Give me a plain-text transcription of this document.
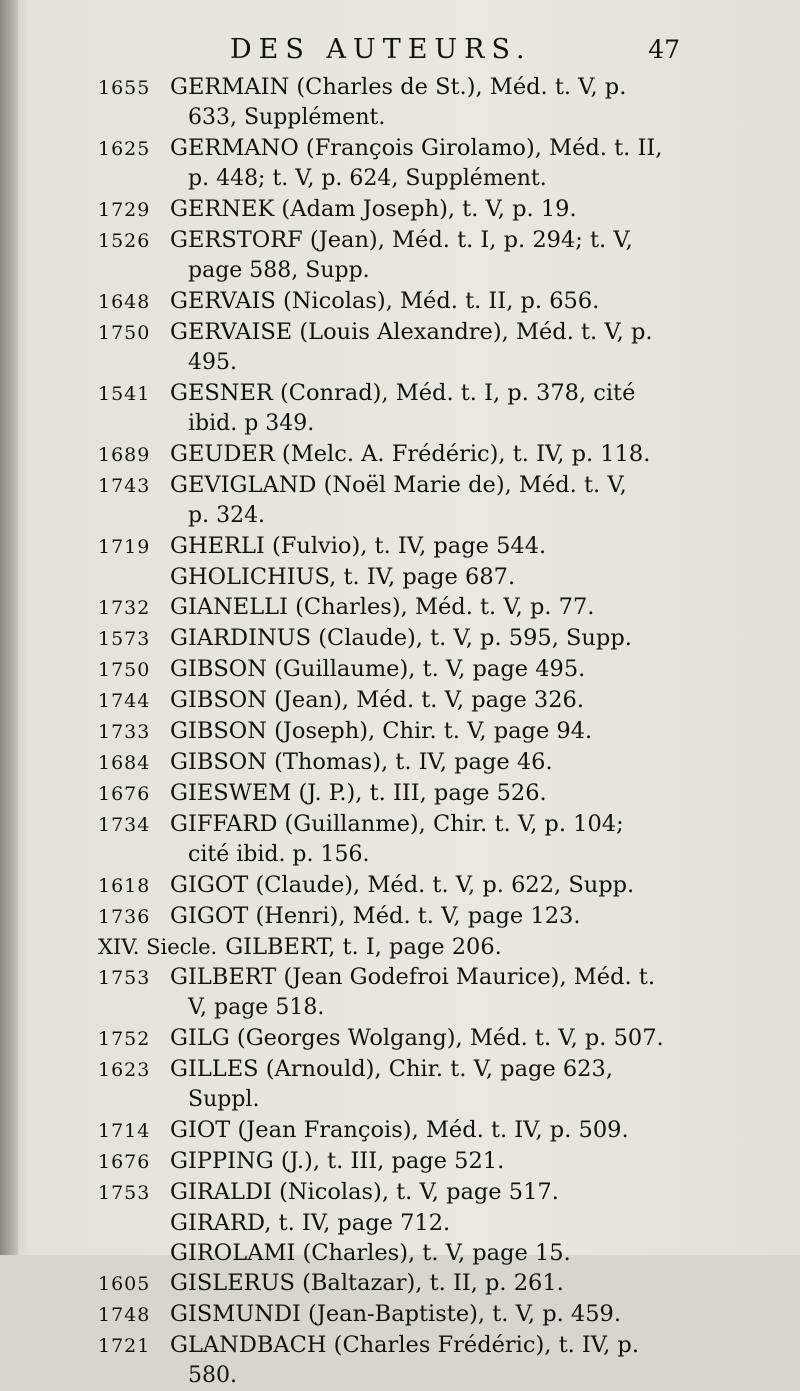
DES AUTEURS.	47
1655 GERMAIN (Charles de St.), Méd. t. V, p.
633, Supplément.
1625 GERMANO (François Girolamo), Méd. t. II,
p. 448; t. V, p. 624, Supplément.
1729 GERNEK (Adam Joseph), t. V, p. 19.
1526 GERSTORF (Jean), Méd. t. I, p. 294; t. V,
page 588, Supp.
1648 GERVAIS (Nicolas), Méd. t. II, p. 656.
1750 GERVAISE (Louis Alexandre), Méd. t. V, p.
495.
1541 GESNER (Conrad), Méd. t. I, p. 378, cité
ibid. p 349.
1689 GEUDER (Melc. A. Frédéric), t. IV, p. 118.
1743 GEVIGLAND (Noël Marie de), Méd. t. V,
p. 324.
1719 GHERLI (Fulvio), t. IV, page 544.
GHOLICHIUS, t. IV, page 687.
1732 GIANELLI (Charles), Méd. t. V, p. 77.
1573 GIARDINUS (Claude), t. V, p. 595, Supp.
1750 GIBSON (Guillaume), t. V, page 495.
1744 GIBSON (Jean), Méd. t. V, page 326.
1733 GIBSON (Joseph), Chir. t. V, page 94.
1684 GIBSON (Thomas), t. IV, page 46.
1676 GIESWEM (J. P.), t. III, page 526.
1734 GIFFARD (Guillanme), Chir. t. V, p. 104;
cité ibid. p. 156.
1618 GIGOT (Claude), Méd. t. V, p. 622, Supp.
1736 GIGOT (Henri), Méd. t. V, page 123.
XIV. Siecle. GILBERT, t. I, page 206.
1753 GILBERT (Jean Godefroi Maurice), Méd. t.
V, page 518.
1752 GILG (Georges Wolgang), Méd. t. V, p. 507.
1623 GILLES (Arnould), Chir. t. V, page 623,
Suppl.
1714 GIOT (Jean François), Méd. t. IV, p. 509.
1676 GIPPING (J.), t. III, page 521.
1753 GIRALDI (Nicolas), t. V, page 517.
GIRARD, t. IV, page 712.
GIROLAMI (Charles), t. V, page 15.
1605 GISLERUS (Baltazar), t. II, p. 261.
1748 GISMUNDI (Jean-Baptiste), t. V, p. 459.
1721 GLANDBACH (Charles Frédéric), t. IV, p.
580.
